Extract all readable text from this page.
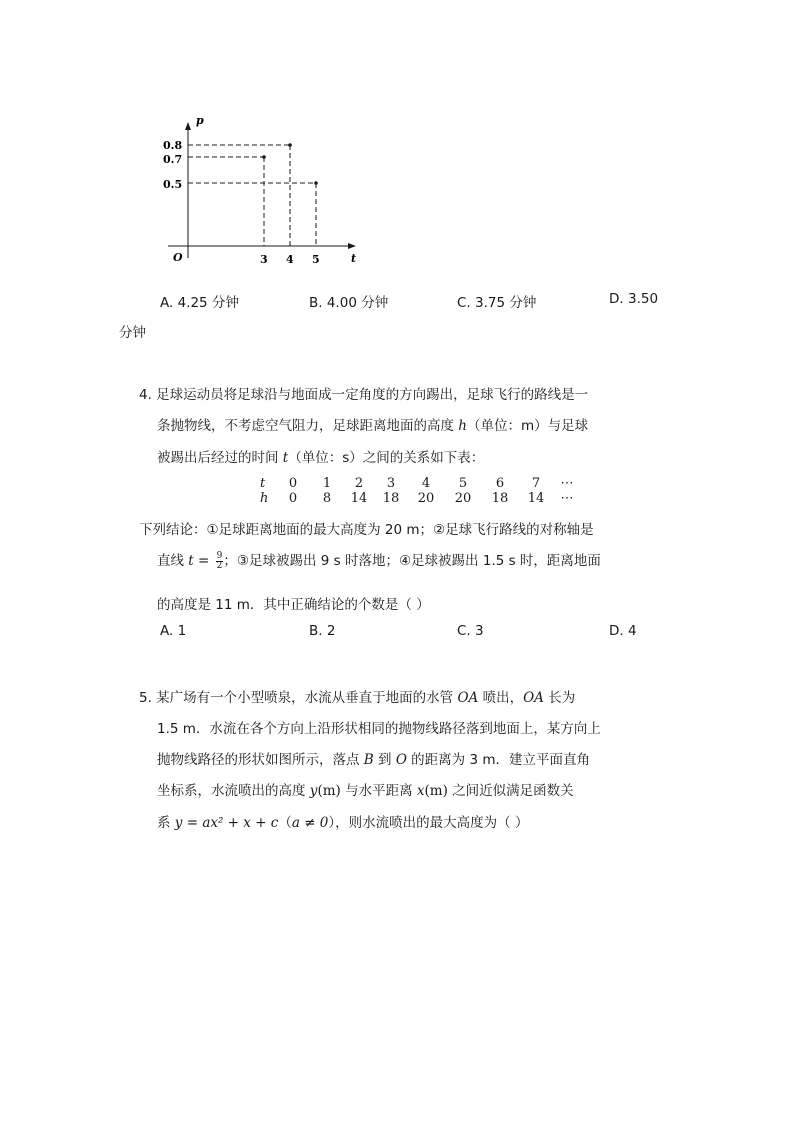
p
t
O
0.8
0.7
0.5
3 4 5
A. 4.25 分钟	B. 4.00 分钟	C. 3.75 分钟	D. 3.50
分钟
4. 足球运动员将足球沿与地面成一定角度的方向踢出，足球飞行的路线是一
条抛物线，不考虑空气阻力，足球距离地面的高度 h（单位：m）与足球
被踢出后经过的时间 t（单位：s）之间的关系如下表：
t	0	1	2	3	4	5	6	7	⋯
h	0	8	14	18	20	20	18	14	⋯
下列结论：①足球距离地面的最大高度为 20 m；②足球飞行路线的对称轴是
直线 $t = \frac{9}{2}$ ；③足球被踢出 9 s 时落地；④足球被踢出 1.5 s 时，距离地面
的高度是 11 m．其中正确结论的个数是（ ）
A. 1	B. 2	C. 3	D. 4
5. 某广场有一个小型喷泉，水流从垂直于地面的水管 OA 喷出，OA 长为
1.5 m．水流在各个方向上沿形状相同的抛物线路径落到地面上，某方向上
抛物线路径的形状如图所示，落点 B 到 O 的距离为 3 m．建立平面直角
坐标系，水流喷出的高度 y(m) 与水平距离 x(m) 之间近似满足函数关
系 y = ax² + x + c（a ≠ 0），则水流喷出的最大高度为（ ）
